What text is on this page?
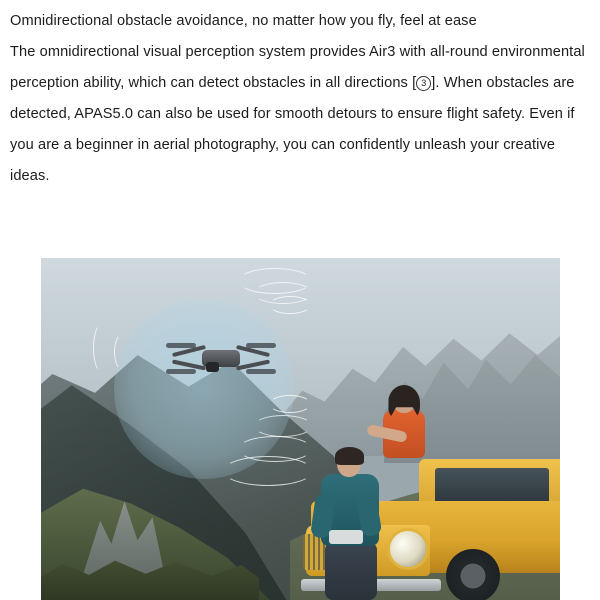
Omnidirectional obstacle avoidance, no matter how you fly, feel at ease

The omnidirectional visual perception system provides Air3 with all-round environmental perception ability, which can detect obstacles in all directions [ 3 ]. When obstacles are detected, APAS5.0 can also be used for smooth detours to ensure flight safety. Even if you are a beginner in aerial photography, you can confidently unleash your creative ideas.
